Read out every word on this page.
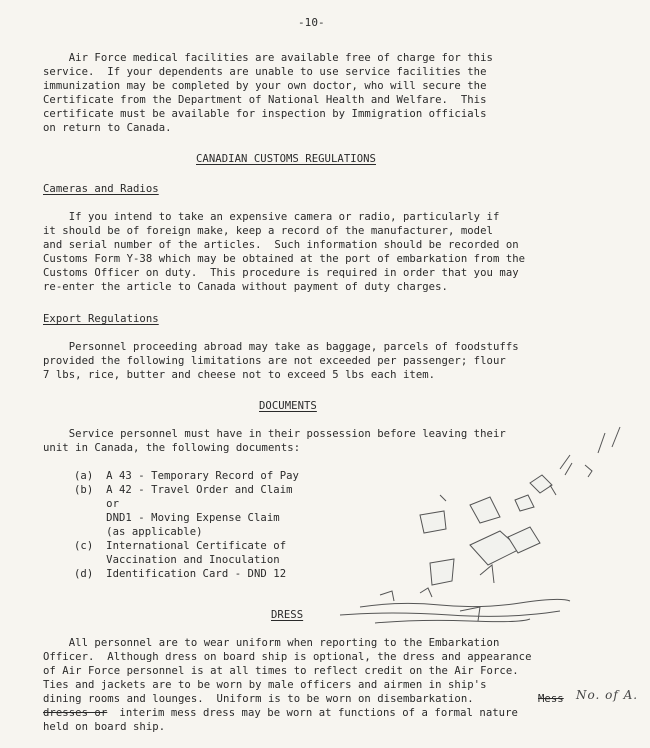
-10-
Air Force medical facilities are available free of charge for this
service.  If your dependents are unable to use service facilities the
immunization may be completed by your own doctor, who will secure the
Certificate from the Department of National Health and Welfare.  This
certificate must be available for inspection by Immigration officials
on return to Canada.
CANADIAN CUSTOMS REGULATIONS
Cameras and Radios
If you intend to take an expensive camera or radio, particularly if
it should be of foreign make, keep a record of the manufacturer, model
and serial number of the articles.  Such information should be recorded on
Customs Form Y-38 which may be obtained at the port of embarkation from the
Customs Officer on duty.  This procedure is required in order that you may
re-enter the article to Canada without payment of duty charges.
Export Regulations
Personnel proceeding abroad may take as baggage, parcels of foodstuffs
provided the following limitations are not exceeded per passenger; flour
7 lbs, rice, butter and cheese not to exceed 5 lbs each item.
DOCUMENTS
Service personnel must have in their possession before leaving their
unit in Canada, the following documents:
(a)  A 43 - Temporary Record of Pay
(b)  A 42 - Travel Order and Claim
or
DND1 - Moving Expense Claim
(as applicable)
(c)  International Certificate of
Vaccination and Inoculation
(d)  Identification Card - DND 12
DRESS
All personnel are to wear uniform when reporting to the Embarkation
Officer.  Although dress on board ship is optional, the dress and appearance
of Air Force personnel is at all times to reflect credit on the Air Force.
Ties and jackets are to be worn by male officers and airmen in ship's
dining rooms and lounges.  Uniform is to be worn on disembarkation.	Mess No. of A.
dresses or interim mess dress may be worn at functions of a formal nature
held on board ship.
